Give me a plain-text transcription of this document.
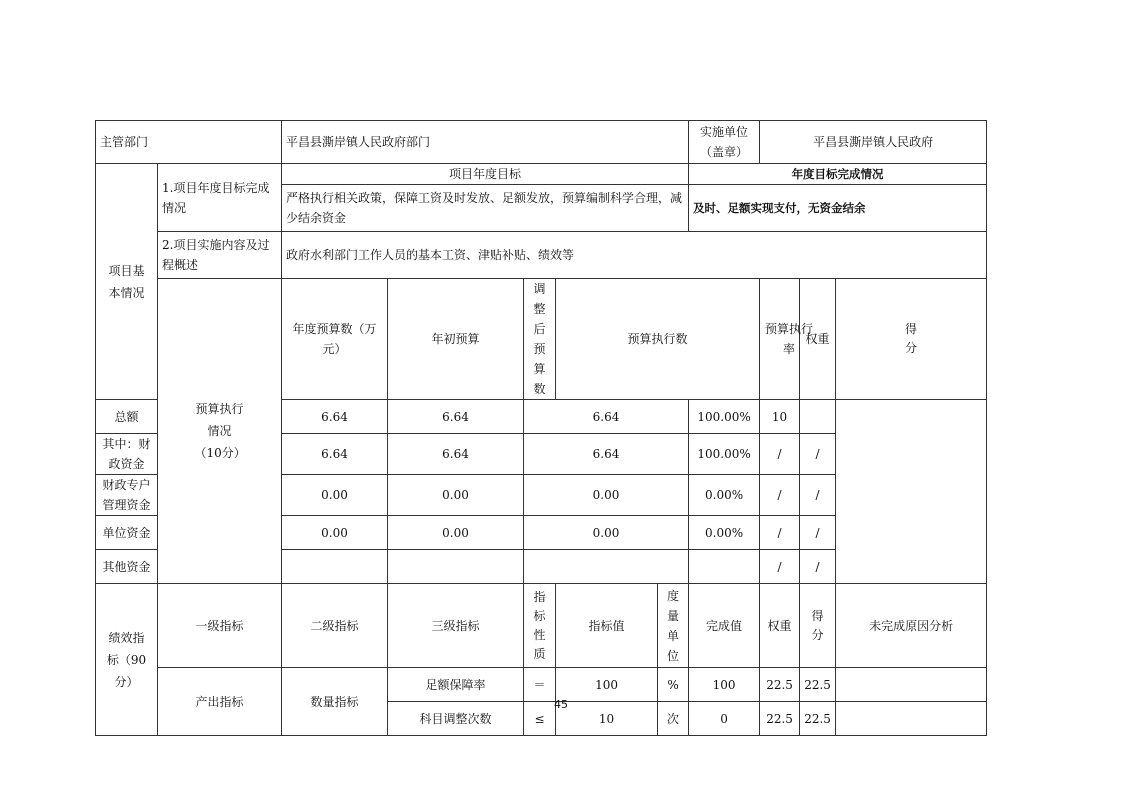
主管部门		平昌县澌岸镇人民政府部门					实施单位（盖章）	平昌县澌岸镇人民政府			
项目基本情况	1.项目年度目标完成情况	项目年度目标					年度目标完成情况				
		严格执行相关政策，保障工资及时发放、足额发放，预算编制科学合理，减少结余资金					及时、足额实现支付，无资金结余				
	2.项目实施内容及过程概述	政府水利部门工作人员的基本工资、津贴补贴、绩效等									
	预算执行情况（10分）	年度预算数（万元）	年初预算	调整后预算数	预算执行数			预算执行率	权重	得分	
总额		6.64	6.64	6.64			100.00%	10			
其中：财政资金		6.64	6.64	6.64			100.00%	/	/		
财政专户管理资金		0.00	0.00	0.00			0.00%	/	/		
单位资金		0.00	0.00	0.00			0.00%	/	/		
其他资金								/	/		
绩效指标（90分）	一级指标	二级指标	三级指标	指标性质	指标值	度量单位	完成值	权重	得分	未完成原因分析	
	产出指标	数量指标	足额保障率	＝	100	%	100	22.5	22.5		
			科目调整次数	≤	10	次	0	22.5	22.5		
45
